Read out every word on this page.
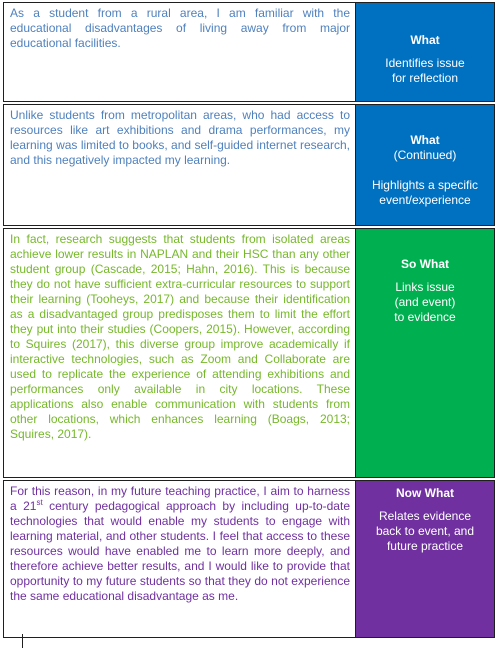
As a student from a rural area, I am familiar with the educational disadvantages of living away from major educational facilities.	What
Identifies issue
for reflection
Unlike students from metropolitan areas, who had access to resources like art exhibitions and drama performances, my learning was limited to books, and self-guided internet research, and this negatively impacted my learning.
What
(Continued)
Highlights a specific
event/experience
In fact, research suggests that students from isolated areas achieve lower results in NAPLAN and their HSC than any other student group (Cascade, 2015; Hahn, 2016). This is because they do not have sufficient extra-curricular resources to support their learning (Tooheys, 2017) and because their identification as a disadvantaged group predisposes them to limit the effort they put into their studies (Coopers, 2015). However, according to Squires (2017), this diverse group improve academically if interactive technologies, such as Zoom and Collaborate are used to replicate the experience of attending exhibitions and performances only available in city locations. These applications also enable communication with students from other locations, which enhances learning (Boags, 2013; Squires, 2017).
So What
Links issue
(and event)
to evidence
For this reason, in my future teaching practice, I aim to harness a 21st century pedagogical approach by including up-to-date technologies that would enable my students to engage with learning material, and other students. I feel that access to these resources would have enabled me to learn more deeply, and therefore achieve better results, and I would like to provide that opportunity to my future students so that they do not experience the same educational disadvantage as me.
Now What
Relates evidence
back to event, and
future practice
